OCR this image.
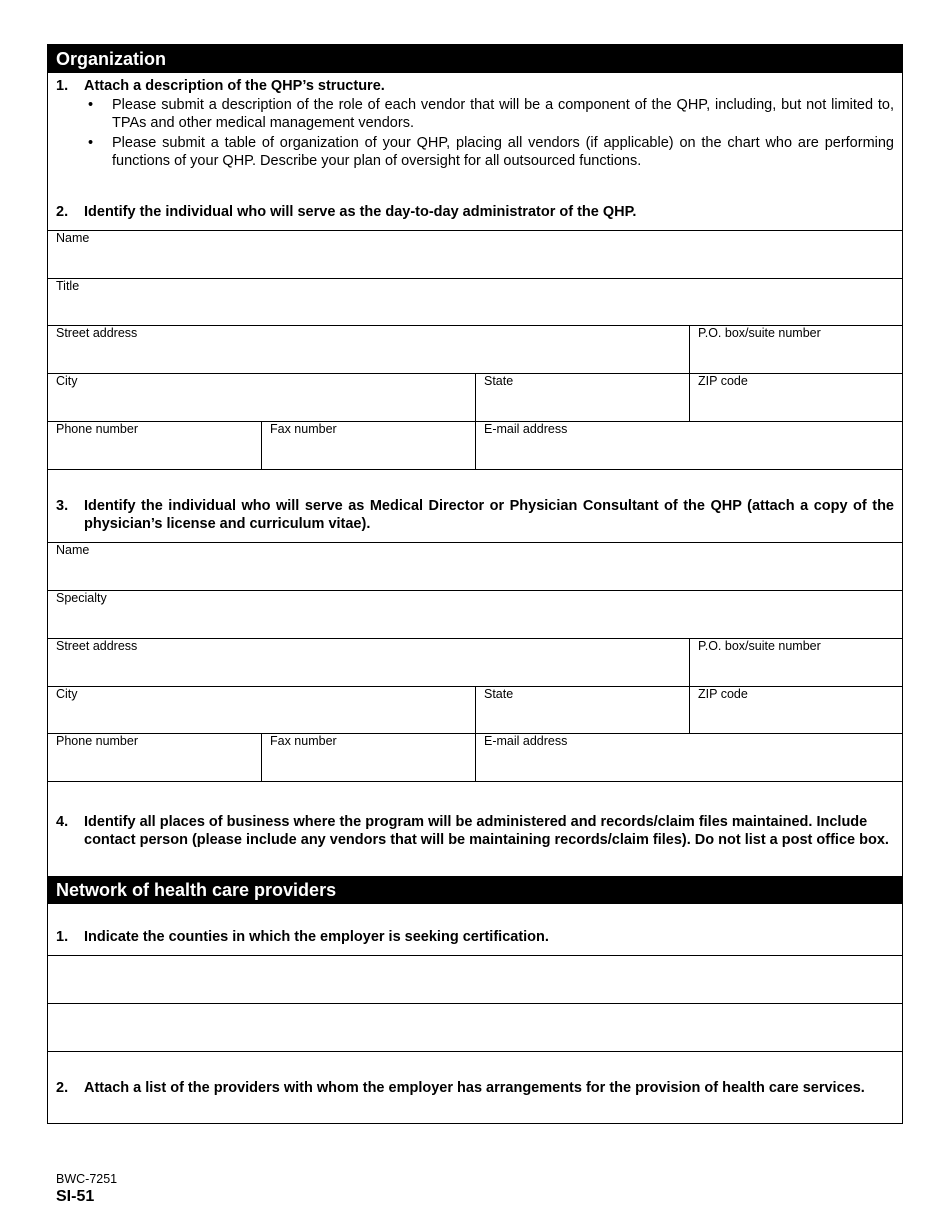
Organization
1.	Attach a description of the QHP’s structure.
•	Please submit a description of the role of each vendor that will be a component of the QHP, including, but not limited to, TPAs and other medical management vendors.
•	Please submit a table of organization of your QHP, placing all vendors (if applicable) on the chart who are performing functions of your QHP. Describe your plan of oversight for all outsourced functions.
2.	Identify the individual who will serve as the day-to-day administrator of the QHP.
Name
Title
Street address	P.O. box/suite number
City	State	ZIP code
Phone number	Fax number	E-mail address
3.	Identify the individual who will serve as Medical Director or Physician Consultant of the QHP (attach a copy of the physician’s license and curriculum vitae).
Name
Specialty
Street address	P.O. box/suite number
City	State	ZIP code
Phone number	Fax number	E-mail address
4.	Identify all places of business where the program will be administered and records/claim files maintained. Include contact person (please include any vendors that will be maintaining records/claim files). Do not list a post office box.
Network of health care providers
1.	Indicate the counties in which the employer is seeking certification.
2.	Attach a list of the providers with whom the employer has arrangements for the provision of health care services.
BWC-7251
SI-51
